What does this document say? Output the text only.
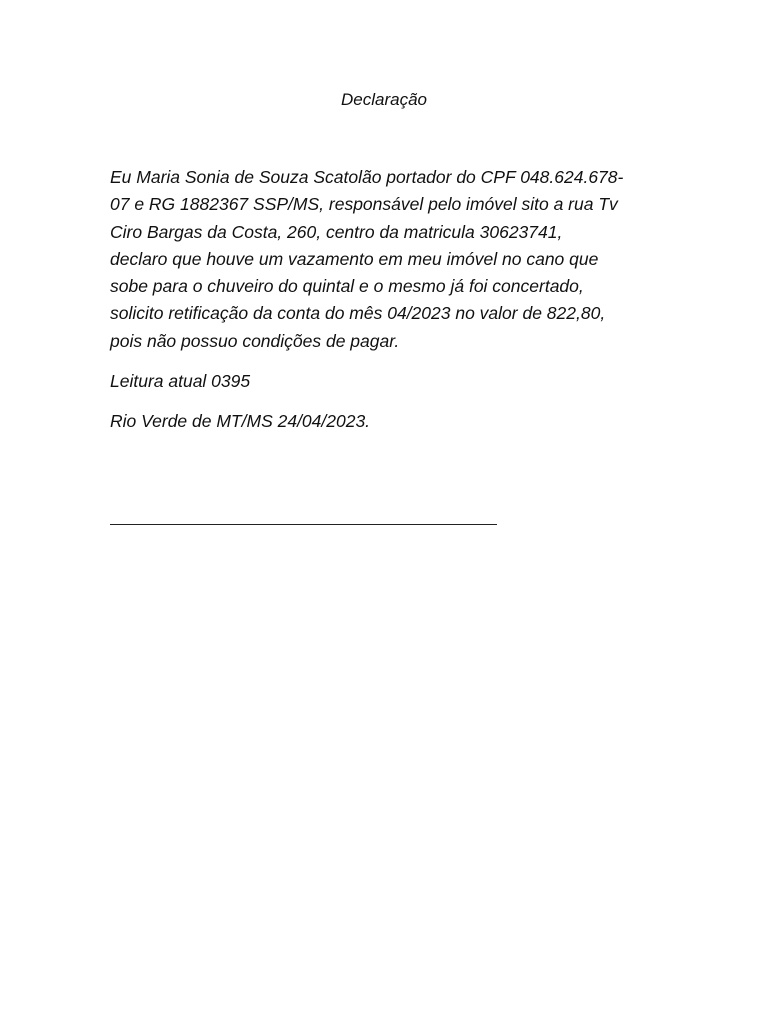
Declaração
Eu Maria Sonia de Souza Scatolão portador do CPF 048.624.678-
07 e RG 1882367 SSP/MS, responsável pelo imóvel sito a rua Tv
Ciro Bargas da Costa, 260, centro da matricula 30623741,
declaro que houve um vazamento em meu imóvel no cano que
sobe para o chuveiro do quintal e o mesmo já foi concertado,
solicito retificação da conta do mês 04/2023 no valor de 822,80,
pois não possuo condições de pagar.

Leitura atual 0395

Rio Verde de MT/MS 24/04/2023.
